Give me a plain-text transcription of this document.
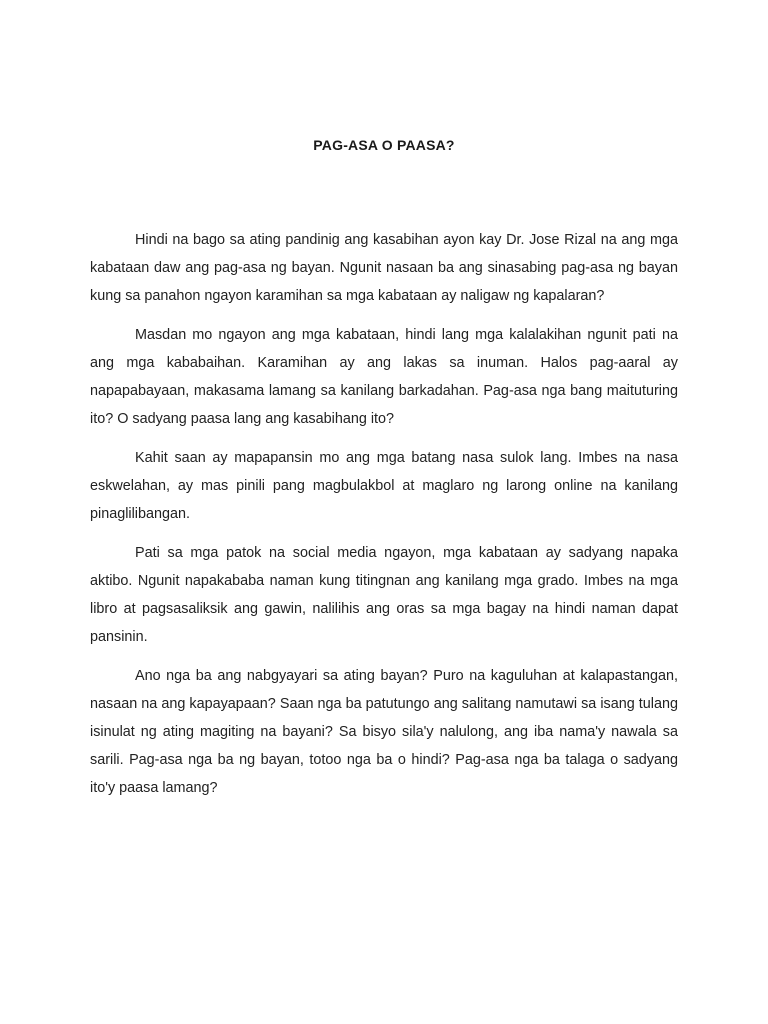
PAG-ASA O PAASA?

Hindi na bago sa ating pandinig ang kasabihan ayon kay Dr. Jose Rizal na ang mga kabataan daw ang pag-asa ng bayan. Ngunit nasaan ba ang sinasabing pag-asa ng bayan kung sa panahon ngayon karamihan sa mga kabataan ay naligaw ng kapalaran?

Masdan mo ngayon ang mga kabataan, hindi lang mga kalalakihan ngunit pati na ang mga kababaihan. Karamihan ay ang lakas sa inuman. Halos pag-aaral ay napapabayaan, makasama lamang sa kanilang barkadahan. Pag-asa nga bang maituturing ito? O sadyang paasa lang ang kasabihang ito?

Kahit saan ay mapapansin mo ang mga batang nasa sulok lang. Imbes na nasa eskwelahan, ay mas pinili pang magbulakbol at maglaro ng larong online na kanilang pinaglilibangan.

Pati sa mga patok na social media ngayon, mga kabataan ay sadyang napaka aktibo. Ngunit napakababa naman kung titingnan ang kanilang mga grado. Imbes na mga libro at pagsasaliksik ang gawin, nalilihis ang oras sa mga bagay na hindi naman dapat pansinin.

Ano nga ba ang nabgyayari sa ating bayan? Puro na kaguluhan at kalapastangan, nasaan na ang kapayapaan? Saan nga ba patutungo ang salitang namutawi sa isang tulang isinulat ng ating magiting na bayani? Sa bisyo sila'y nalulong, ang iba nama'y nawala sa sarili. Pag-asa nga ba ng bayan, totoo nga ba o hindi? Pag-asa nga ba talaga o sadyang ito'y paasa lamang?
